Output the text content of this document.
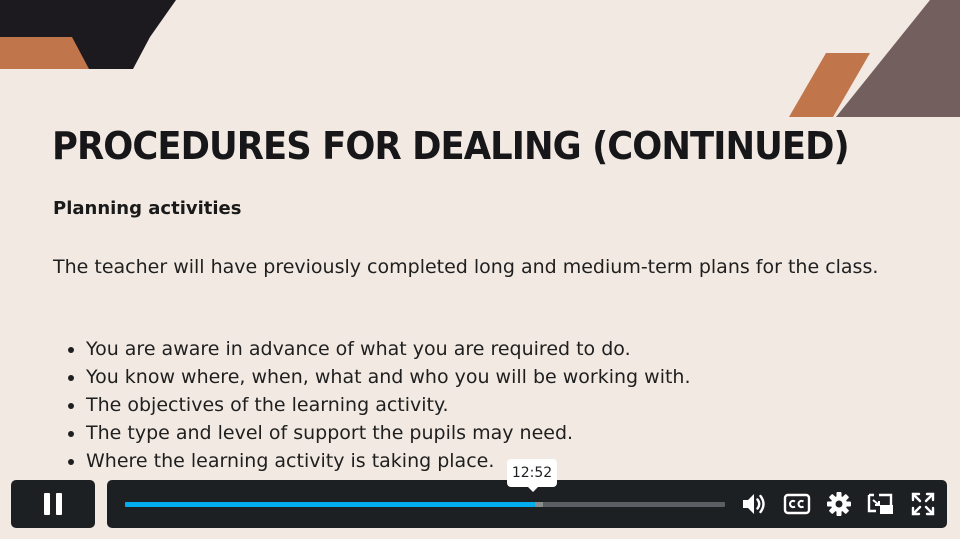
PROCEDURES FOR DEALING (CONTINUED)
Planning activities
The teacher will have previously completed long and medium-term plans for the class.
You are aware in advance of what you are required to do.
You know where, when, what and who you will be working with.
The objectives of the learning activity.
The type and level of support the pupils may need.
Where the learning activity is taking place.
12:52
